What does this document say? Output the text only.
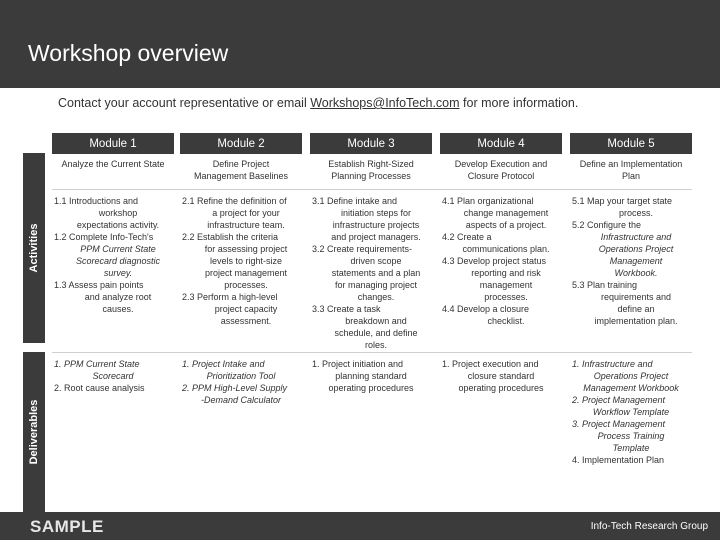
Workshop overview
Contact your account representative or email Workshops@InfoTech.com for more information.
Activities
Deliverables
Module 1
Analyze the Current State
1.1 Introductions and
workshop
expectations activity.
1.2 Complete Info-Tech's
PPM Current State
Scorecard diagnostic
survey.
1.3 Assess pain points
and analyze root
causes.
1. PPM Current State
Scorecard
2. Root cause analysis
Module 2
Define Project Management Baselines
2.1 Refine the definition of
a project for your
infrastructure team.
2.2 Establish the criteria
for assessing project
levels to right-size
project management
processes.
2.3 Perform a high-level
project capacity
assessment.
1. Project Intake and
Prioritization Tool
2. PPM High-Level Supply
-Demand Calculator
Module 3
Establish Right-Sized Planning Processes
3.1 Define intake and
initiation steps for
infrastructure projects
and project managers.
3.2 Create requirements-
driven scope
statements and a plan
for managing project
changes.
3.3 Create a task
breakdown and
schedule, and define
roles.
1. Project initiation and
planning standard
operating procedures
Module 4
Develop Execution and Closure Protocol
4.1 Plan organizational
change management
aspects of a project.
4.2 Create a
communications plan.
4.3 Develop project status
reporting and risk
management
processes.
4.4 Develop a closure
checklist.
1. Project execution and
closure standard
operating procedures
Module 5
Define an Implementation Plan
5.1 Map your target state
process.
5.2 Configure the
Infrastructure and
Operations Project
Management
Workbook.
5.3 Plan training
requirements and
define an
implementation plan.
1. Infrastructure and
Operations Project
Management Workbook
2. Project Management
Workflow Template
3. Project Management
Process Training
Template
4. Implementation Plan
SAMPLE	Info-Tech Research Group
